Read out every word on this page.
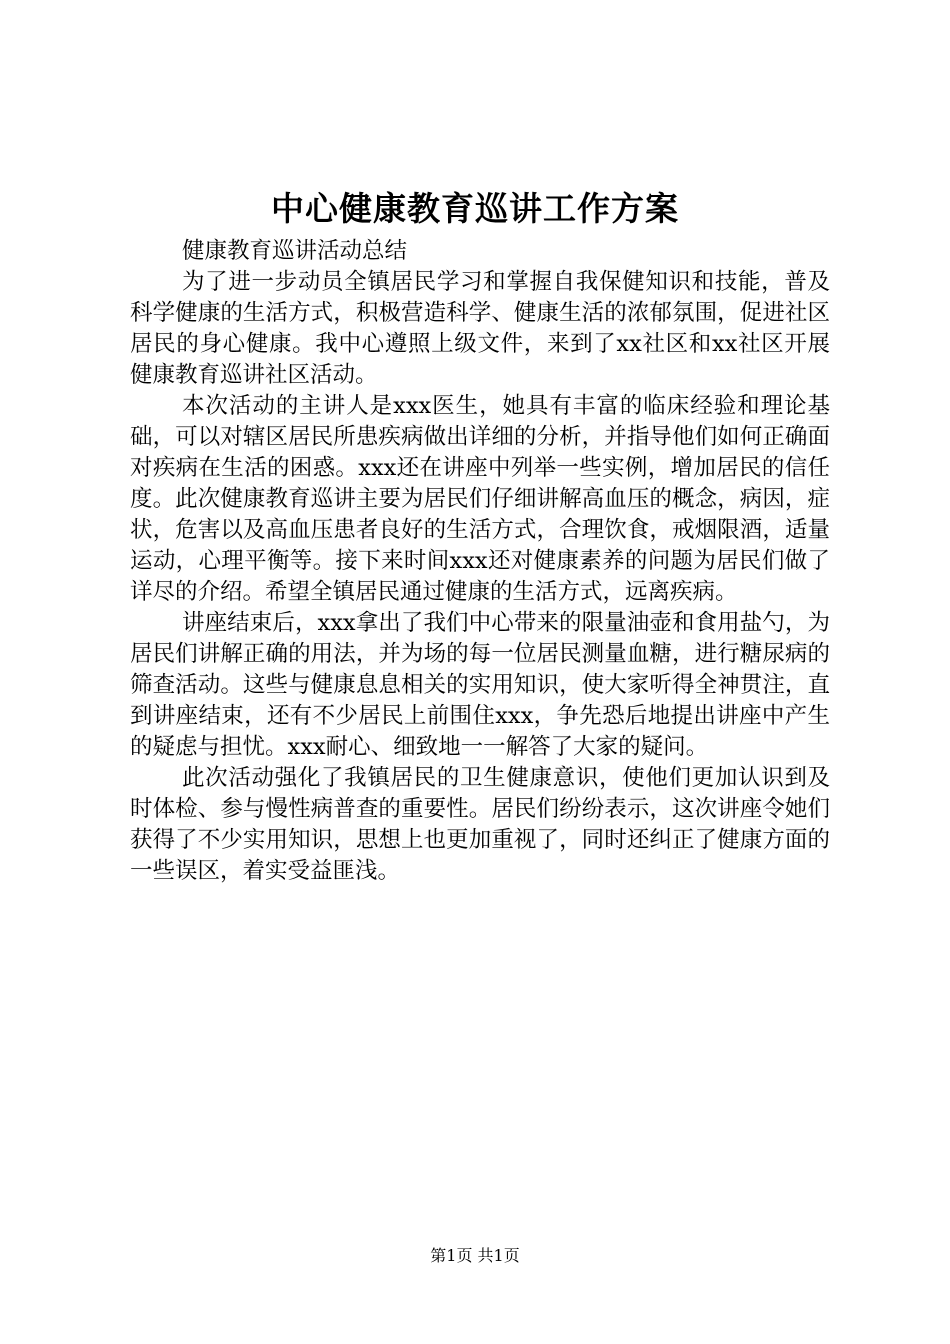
中心健康教育巡讲工作方案

健康教育巡讲活动总结

为了进一步动员全镇居民学习和掌握自我保健知识和技能，普及科学健康的生活方式，积极营造科学、健康生活的浓郁氛围，促进社区居民的身心健康。我中心遵照上级文件，来到了xx社区和xx社区开展健康教育巡讲社区活动。

本次活动的主讲人是xxx医生，她具有丰富的临床经验和理论基础，可以对辖区居民所患疾病做出详细的分析，并指导他们如何正确面对疾病在生活的困惑。xxx还在讲座中列举一些实例，增加居民的信任度。此次健康教育巡讲主要为居民们仔细讲解高血压的概念，病因，症状，危害以及高血压患者良好的生活方式，合理饮食，戒烟限酒，适量运动，心理平衡等。接下来时间xxx还对健康素养的问题为居民们做了详尽的介绍。希望全镇居民通过健康的生活方式，远离疾病。

讲座结束后，xxx拿出了我们中心带来的限量油壶和食用盐勺，为居民们讲解正确的用法，并为场的每一位居民测量血糖，进行糖尿病的筛查活动。这些与健康息息相关的实用知识，使大家听得全神贯注，直到讲座结束，还有不少居民上前围住xxx，争先恐后地提出讲座中产生的疑虑与担忧。xxx耐心、细致地一一解答了大家的疑问。

此次活动强化了我镇居民的卫生健康意识，使他们更加认识到及时体检、参与慢性病普查的重要性。居民们纷纷表示，这次讲座令她们获得了不少实用知识，思想上也更加重视了，同时还纠正了健康方面的一些误区，着实受益匪浅。

第1页 共1页
